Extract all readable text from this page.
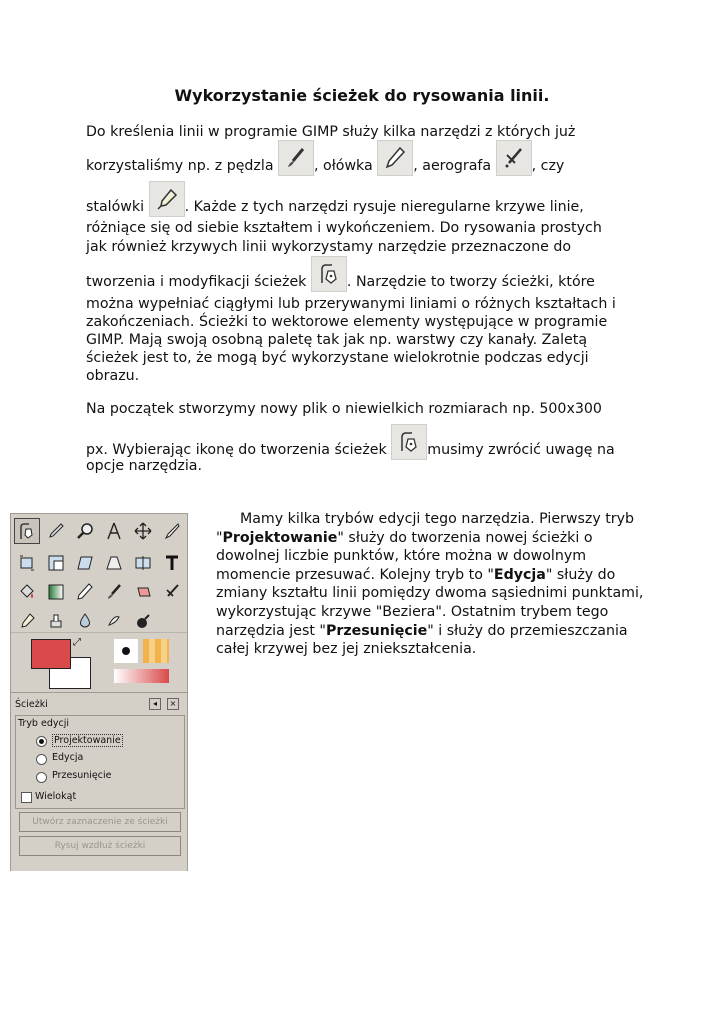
Wykorzystanie ścieżek do rysowania linii.
Do kreślenia linii w programie GIMP służy kilka narzędzi z których już
korzystaliśmy np. z pędzla	, ołówka	, aerografa	, czy
stalówki	. Każde z tych narzędzi rysuje nieregularne krzywe linie,
różniące się od siebie kształtem i wykończeniem. Do rysowania prostych
jak również krzywych linii wykorzystamy narzędzie przeznaczone do
tworzenia i modyfikacji ścieżek	. Narzędzie to tworzy ścieżki, które
można wypełniać ciągłymi lub przerywanymi liniami o różnych kształtach i
zakończeniach. Ścieżki to wektorowe elementy występujące w programie
GIMP. Mają swoją osobną paletę tak jak np. warstwy czy kanały. Zaletą
ścieżek jest to, że mogą być wykorzystane wielokrotnie podczas edycji
obrazu.
Na początek stworzymy nowy plik o niewielkich rozmiarach np. 500x300
px. Wybierając ikonę do tworzenia ścieżek	musimy zwrócić uwagę na
opcje narzędzia.
⤢
Ścieżki	◂	×
Tryb edycji
Projektowanie
Edycja
Przesunięcie
Wielokąt
Utwórz zaznaczenie ze ścieżki
Rysuj wzdłuż ścieżki

Mamy kilka trybów edycji tego narzędzia. Pierwszy tryb "Projektowanie" służy do tworzenia nowej ścieżki o dowolnej liczbie punktów, które można w dowolnym momencie przesuwać. Kolejny tryb to "Edycja" służy do zmiany kształtu linii pomiędzy dwoma sąsiednimi punktami, wykorzystując krzywe "Beziera". Ostatnim trybem tego narzędzia jest "Przesunięcie" i służy do przemieszczania całej krzywej bez jej zniekształcenia.
